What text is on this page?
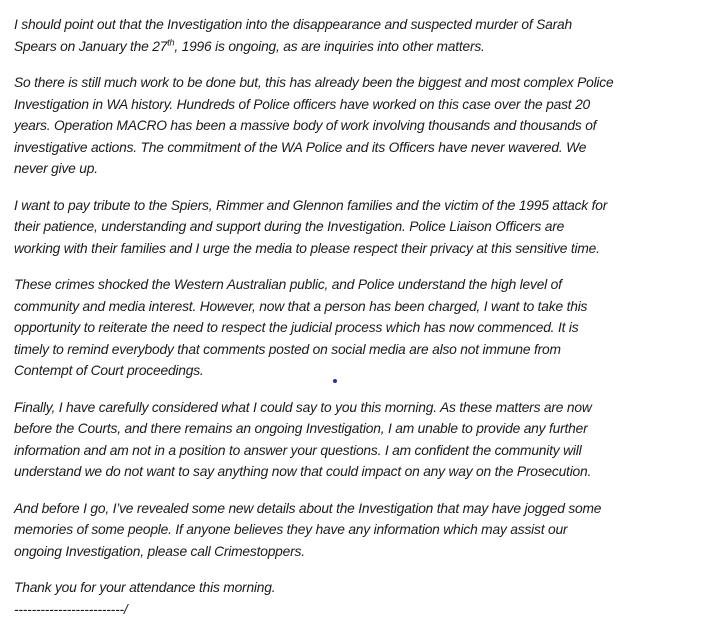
I should point out that the Investigation into the disappearance and suspected murder of Sarah
Spears on January the 27th, 1996 is ongoing, as are inquiries into other matters.
So there is still much work to be done but, this has already been the biggest and most complex Police
Investigation in WA history. Hundreds of Police officers have worked on this case over the past 20
years. Operation MACRO has been a massive body of work involving thousands and thousands of
investigative actions. The commitment of the WA Police and its Officers have never wavered. We
never give up.
I want to pay tribute to the Spiers, Rimmer and Glennon families and the victim of the 1995 attack for
their patience, understanding and support during the Investigation. Police Liaison Officers are
working with their families and I urge the media to please respect their privacy at this sensitive time.
These crimes shocked the Western Australian public, and Police understand the high level of
community and media interest. However, now that a person has been charged, I want to take this
opportunity to reiterate the need to respect the judicial process which has now commenced. It is
timely to remind everybody that comments posted on social media are also not immune from
Contempt of Court proceedings.
Finally, I have carefully considered what I could say to you this morning. As these matters are now
before the Courts, and there remains an ongoing Investigation, I am unable to provide any further
information and am not in a position to answer your questions. I am confident the community will
understand we do not want to say anything now that could impact on any way on the Prosecution.
And before I go, I’ve revealed some new details about the Investigation that may have jogged some
memories of some people. If anyone believes they have any information which may assist our
ongoing Investigation, please call Crimestoppers.
Thank you for your attendance this morning.
-------------------------/
